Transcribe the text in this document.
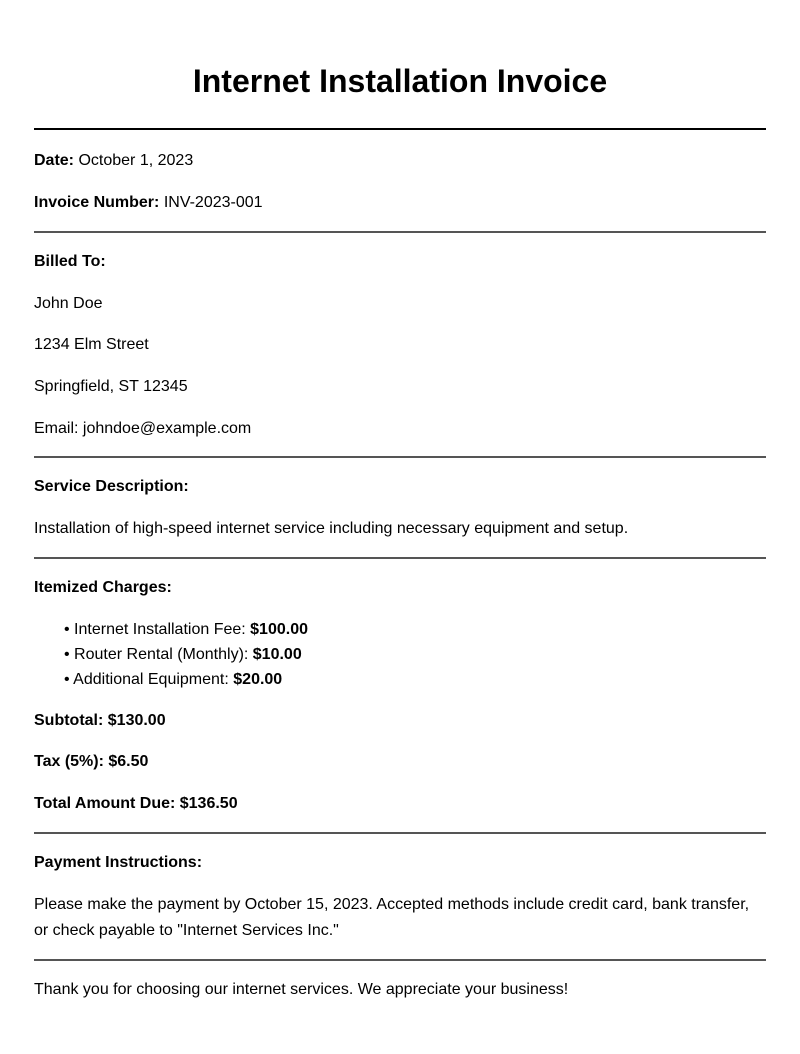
Internet Installation Invoice

Date: October 1, 2023

Invoice Number: INV-2023-001

Billed To:

John Doe

1234 Elm Street

Springfield, ST 12345

Email: johndoe@example.com

Service Description:

Installation of high-speed internet service including necessary equipment and setup.

Itemized Charges:

• Internet Installation Fee: $100.00
• Router Rental (Monthly): $10.00
• Additional Equipment: $20.00

Subtotal: $130.00

Tax (5%): $6.50

Total Amount Due: $136.50

Payment Instructions:

Please make the payment by October 15, 2023. Accepted methods include credit card, bank transfer, or check payable to "Internet Services Inc."

Thank you for choosing our internet services. We appreciate your business!
